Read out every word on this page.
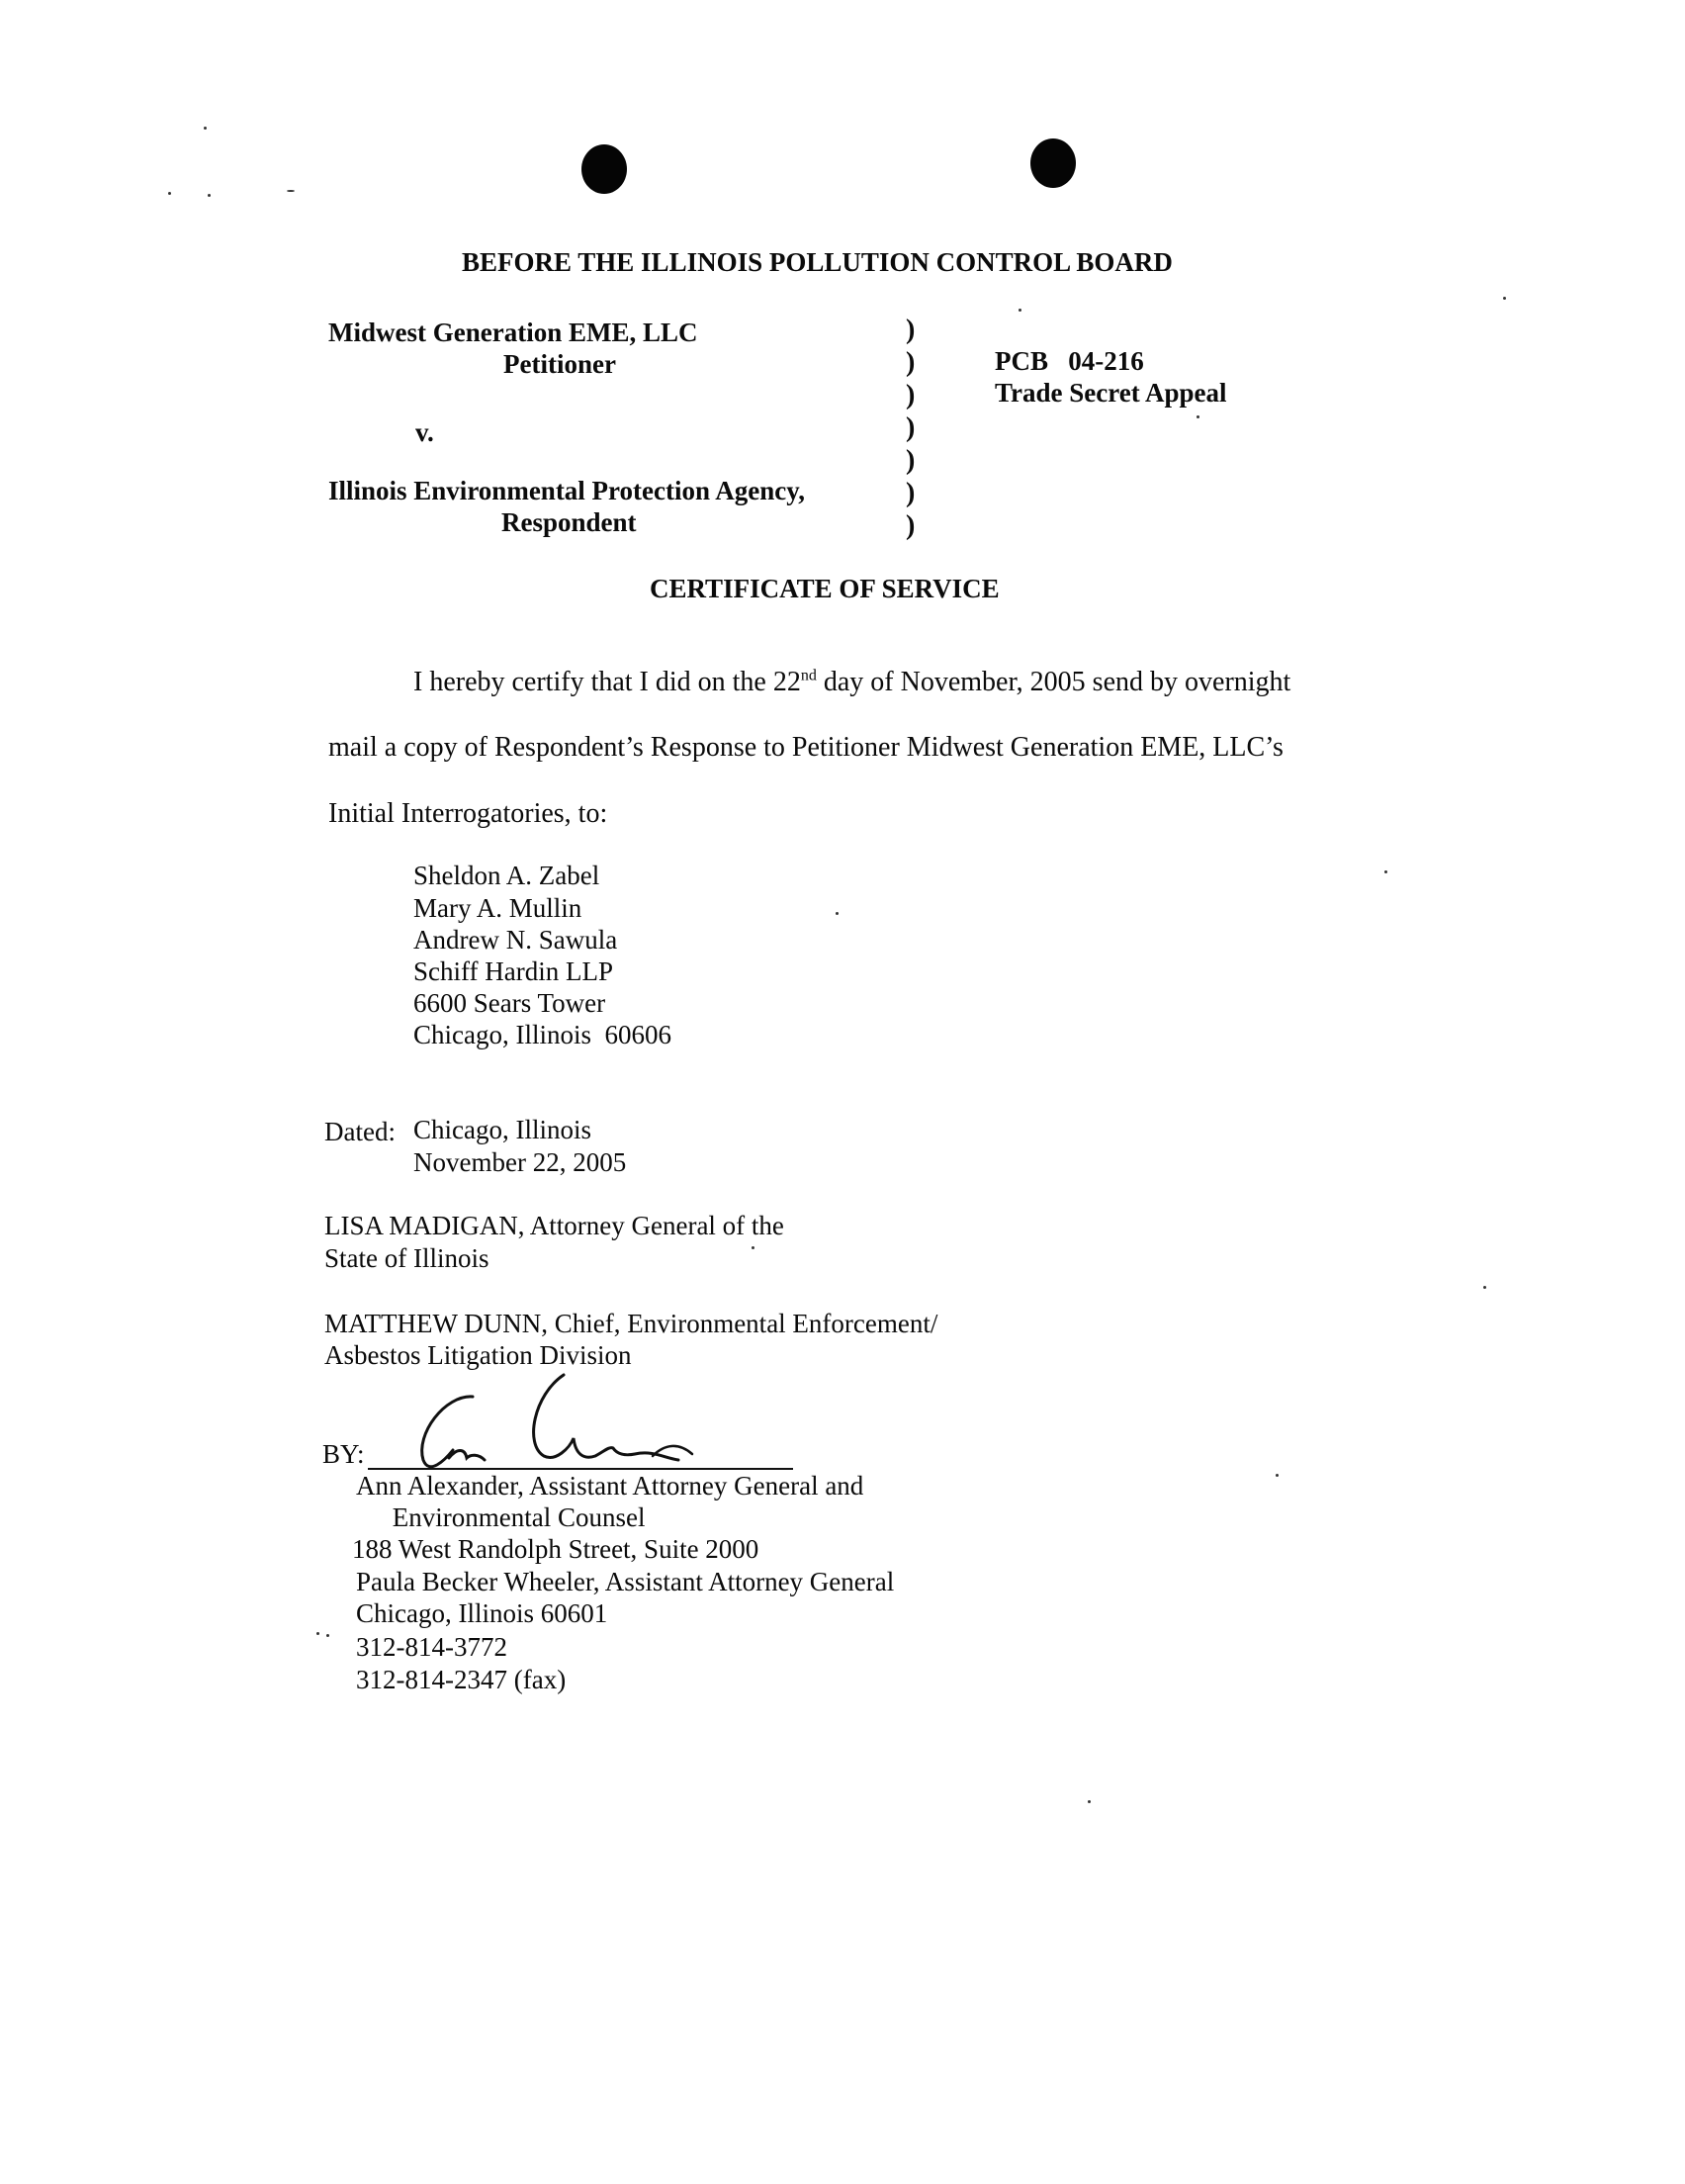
BEFORE THE ILLINOIS POLLUTION CONTROL BOARD
Midwest Generation EME, LLC
Petitioner
v.
Illinois Environmental Protection Agency,
Respondent
)
)
)
)
)
)
)
PCB   04-216
Trade Secret Appeal
CERTIFICATE OF SERVICE
I hereby certify that I did on the 22nd day of November, 2005 send by overnight
mail a copy of Respondent’s Response to Petitioner Midwest Generation EME, LLC’s
Initial Interrogatories, to:
Sheldon A. Zabel
Mary A. Mullin
Andrew N. Sawula
Schiff Hardin LLP
6600 Sears Tower
Chicago, Illinois  60606
Dated: Chicago, Illinois
November 22, 2005
LISA MADIGAN, Attorney General of the
State of Illinois
MATTHEW DUNN, Chief, Environmental Enforcement/
Asbestos Litigation Division
BY:
Ann Alexander, Assistant Attorney General and
Environmental Counsel
188 West Randolph Street, Suite 2000
Paula Becker Wheeler, Assistant Attorney General
Chicago, Illinois 60601
312-814-3772
312-814-2347 (fax)
